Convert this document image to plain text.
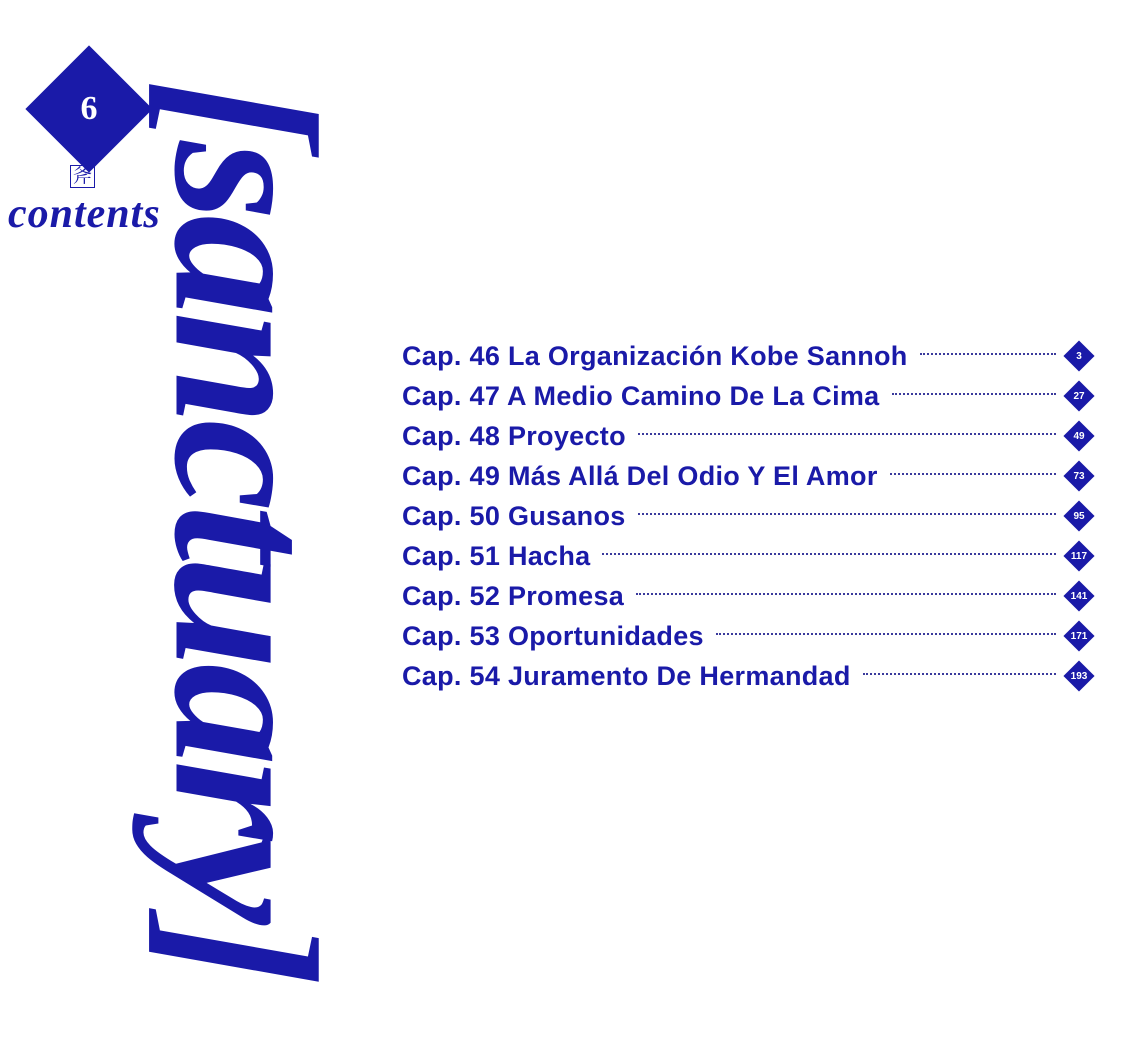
6
斧
contents
[sanctuary] Cap. 46 La Organización Kobe Sannoh	3
Cap. 47 A Medio Camino De La Cima	27
Cap. 48 Proyecto	49
Cap. 49 Más Allá Del Odio Y El Amor	73
Cap. 50 Gusanos	95
Cap. 51 Hacha	117
Cap. 52 Promesa	141
Cap. 53 Oportunidades	171
Cap. 54 Juramento De Hermandad	193
